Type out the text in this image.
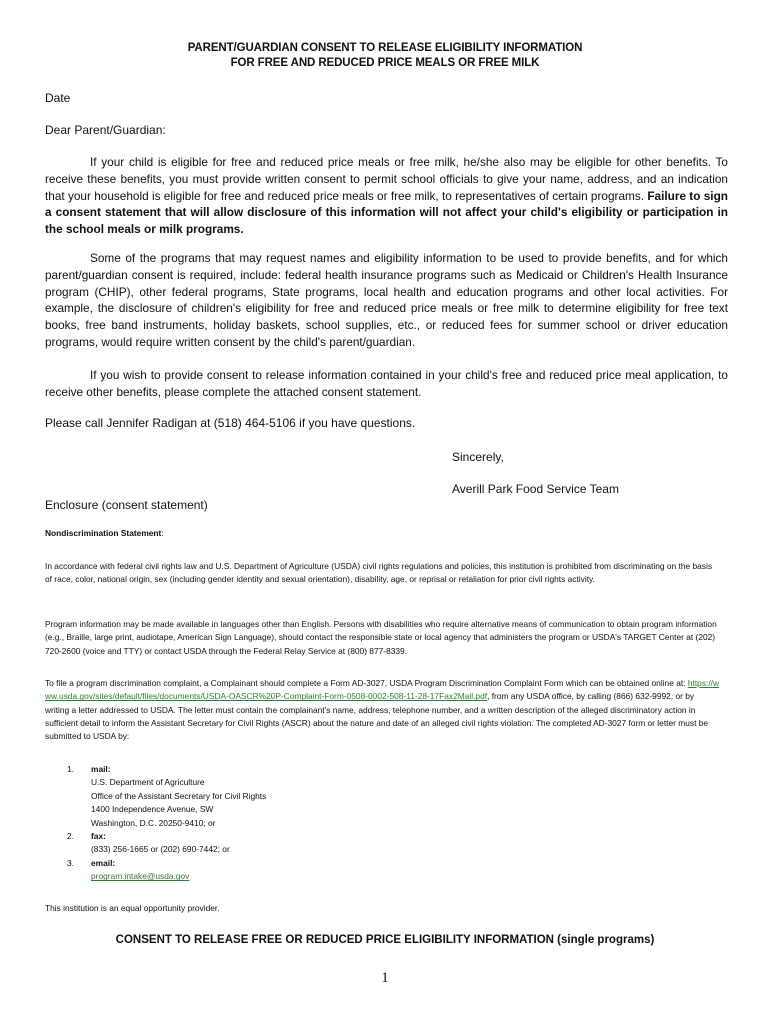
PARENT/GUARDIAN CONSENT TO RELEASE ELIGIBILITY INFORMATION
FOR FREE AND REDUCED PRICE MEALS OR FREE MILK
Date
Dear Parent/Guardian:

If your child is eligible for free and reduced price meals or free milk, he/she also may be eligible for other benefits. To receive these benefits, you must provide written consent to permit school officials to give your name, address, and an indication that your household is eligible for free and reduced price meals or free milk, to representatives of certain programs. Failure to sign a consent statement that will allow disclosure of this information will not affect your child's eligibility or participation in the school meals or milk programs.

Some of the programs that may request names and eligibility information to be used to provide benefits, and for which parent/guardian consent is required, include: federal health insurance programs such as Medicaid or Children's Health Insurance program (CHIP), other federal programs, State programs, local health and education programs and other local activities. For example, the disclosure of children's eligibility for free and reduced price meals or free milk to determine eligibility for free text books, free band instruments, holiday baskets, school supplies, etc., or reduced fees for summer school or driver education programs, would require written consent by the child's parent/guardian.

If you wish to provide consent to release information contained in your child's free and reduced price meal application, to receive other benefits, please complete the attached consent statement.

Please call Jennifer Radigan at (518) 464-5106 if you have questions.
Sincerely,
Averill Park Food Service Team
Enclosure (consent statement)
Nondiscrimination Statement:

In accordance with federal civil rights law and U.S. Department of Agriculture (USDA) civil rights regulations and policies, this institution is prohibited from discriminating on the basis of race, color, national origin, sex (including gender identity and sexual orientation), disability, age, or reprisal or retaliation for prior civil rights activity.

Program information may be made available in languages other than English. Persons with disabilities who require alternative means of communication to obtain program information (e.g., Braille, large print, audiotape, American Sign Language), should contact the responsible state or local agency that administers the program or USDA's TARGET Center at (202) 720-2600 (voice and TTY) or contact USDA through the Federal Relay Service at (800) 877-8339.

To file a program discrimination complaint, a Complainant should complete a Form AD-3027, USDA Program Discrimination Complaint Form which can be obtained online at: https://www.usda.gov/sites/default/files/documents/USDA-OASCR%20P-Complaint-Form-0508-0002-508-11-28-17Fax2Mail.pdf, from any USDA office, by calling (866) 632-9992, or by writing a letter addressed to USDA. The letter must contain the complainant's name, address, telephone number, and a written description of the alleged discriminatory action in sufficient detail to inform the Assistant Secretary for Civil Rights (ASCR) about the nature and date of an alleged civil rights violation. The completed AD-3027 form or letter must be submitted to USDA by:

1. mail:
U.S. Department of Agriculture
Office of the Assistant Secretary for Civil Rights
1400 Independence Avenue, SW
Washington, D.C. 20250-9410; or
2. fax:
(833) 256-1665 or (202) 690-7442; or
3. email:
program.intake@usda.gov
This institution is an equal opportunity provider.
CONSENT TO RELEASE FREE OR REDUCED PRICE ELIGIBILITY INFORMATION (single programs)
1
